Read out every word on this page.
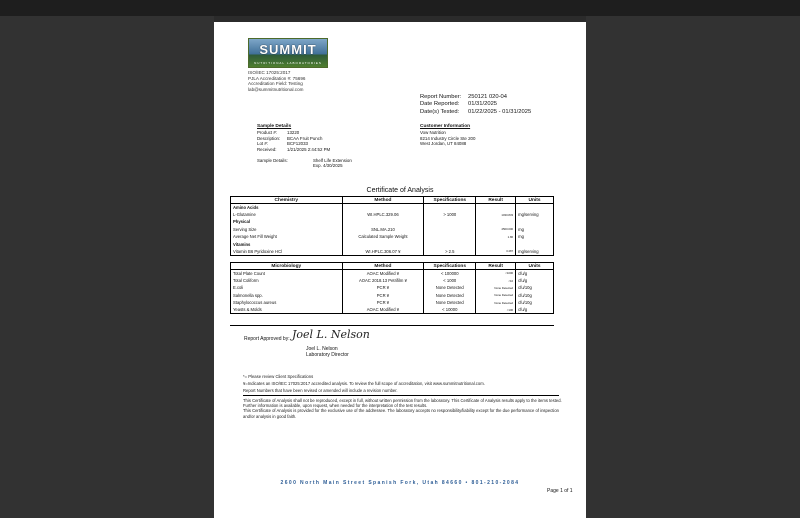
SUMMIT
NUTRITIONAL LABORATORIES
ISO/IEC 17025:2017
PJLA Accreditation #: 75696
Accreditation Field: Testing
lab@summitnutritional.com
Report Number:	250121 020-04
Date Reported:	01/31/2025
Date(s) Tested:	01/22/2025 - 01/31/2025
Sample Details
Product #:	13220
Description:	BCAA Fruit Punch
Lot #:	BCF12033
Received:	1/21/2025 2:44:52 PM
Sample Details:	Shelf Life Extension
Exp. 4/30/2025
Customer Information
Vow Nutrition
8214 Industry Circle Ste 200
West Jordan, UT 84088
Certificate of Analysis
Chemistry	Method	Specifications	Result	Units
Amino Acids				
L-Glutamine	WI.HPLC.329.06	> 1000	1030.833	mg/serving
Physical				
Serving Size	SNL.MA.210		4500.000	mg
Average Net Fill Weight	Calculated Sample Weight		1.86	mg
Vitamins				
Vitamin B6 Pyridoxine HCl	WI.HPLC.306.07 ¥	> 2.5	3.487	mg/serving
Microbiology	Method	Specifications	Result	Units
Total Plate Count	AOAC Modified ¥	< 100000	<1000	cfu/g
Total Coliform	AOAC 2018.13 Petrifilm ¥	< 1000	<10	cfu/g
E.coli	PCR ¥	None Detected	None Detected	cfu/10g
Salmonella spp.	PCR ¥	None Detected	None Detected	cfu/10g
Staphylococcus aureus	PCR ¥	None Detected	None Detected	cfu/10g
Yeasts & Molds	AOAC Modified ¥	< 10000	<100	cfu/g
Report Approved by: Joel L. Nelson
Joel L. Nelson
Laboratory Director
*= Please review Client Specifications
¥=Indicates an ISO/IEC 17025:2017 accredited analysis. To review the full scope of accreditation, visit www.summitnutritional.com.
Report Numbers that have been revised or amended will include a revision number.
This Certificate of Analysis shall not be reproduced, except in full, without written permission from the laboratory. This Certificate of Analysis results apply to the items tested. Further information is available, upon request, when needed for the interpretation of the test results.
This Certificate of Analysis is provided for the exclusive use of the addressee. The laboratory accepts no responsibility/liability except for the due performance of inspection and/or analysis in good faith.
2600 North Main Street Spanish Fork, Utah 84660 • 801-210-2084
Page 1 of 1
